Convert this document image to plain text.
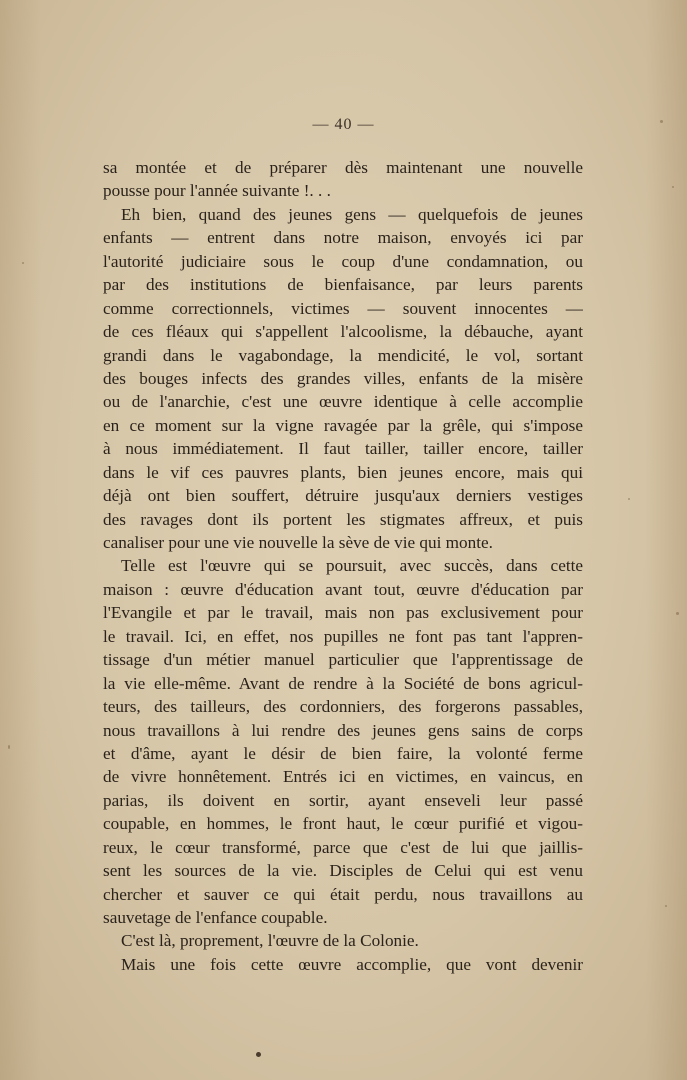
— 40 —
sa montée et de préparer dès maintenant une nouvelle
pousse pour l'année suivante !. . .
Eh bien, quand des jeunes gens — quelquefois de jeunes
enfants — entrent dans notre maison, envoyés ici par
l'autorité judiciaire sous le coup d'une condamnation, ou
par des institutions de bienfaisance, par leurs parents
comme correctionnels, victimes — souvent innocentes —
de ces fléaux qui s'appellent l'alcoolisme, la débauche, ayant
grandi dans le vagabondage, la mendicité, le vol, sortant
des bouges infects des grandes villes, enfants de la misère
ou de l'anarchie, c'est une œuvre identique à celle accomplie
en ce moment sur la vigne ravagée par la grêle, qui s'impose
à nous immédiatement. Il faut tailler, tailler encore, tailler
dans le vif ces pauvres plants, bien jeunes encore, mais qui
déjà ont bien souffert, détruire jusqu'aux derniers vestiges
des ravages dont ils portent les stigmates affreux, et puis
canaliser pour une vie nouvelle la sève de vie qui monte.
Telle est l'œuvre qui se poursuit, avec succès, dans cette
maison : œuvre d'éducation avant tout, œuvre d'éducation par
l'Evangile et par le travail, mais non pas exclusivement pour
le travail. Ici, en effet, nos pupilles ne font pas tant l'appren-
tissage d'un métier manuel particulier que l'apprentissage de
la vie elle-même. Avant de rendre à la Société de bons agricul-
teurs, des tailleurs, des cordonniers, des forgerons passables,
nous travaillons à lui rendre des jeunes gens sains de corps
et d'âme, ayant le désir de bien faire, la volonté ferme
de vivre honnêtement. Entrés ici en victimes, en vaincus, en
parias, ils doivent en sortir, ayant enseveli leur passé
coupable, en hommes, le front haut, le cœur purifié et vigou-
reux, le cœur transformé, parce que c'est de lui que jaillis-
sent les sources de la vie. Disciples de Celui qui est venu
chercher et sauver ce qui était perdu, nous travaillons au
sauvetage de l'enfance coupable.
C'est là, proprement, l'œuvre de la Colonie.
Mais une fois cette œuvre accomplie, que vont devenir
